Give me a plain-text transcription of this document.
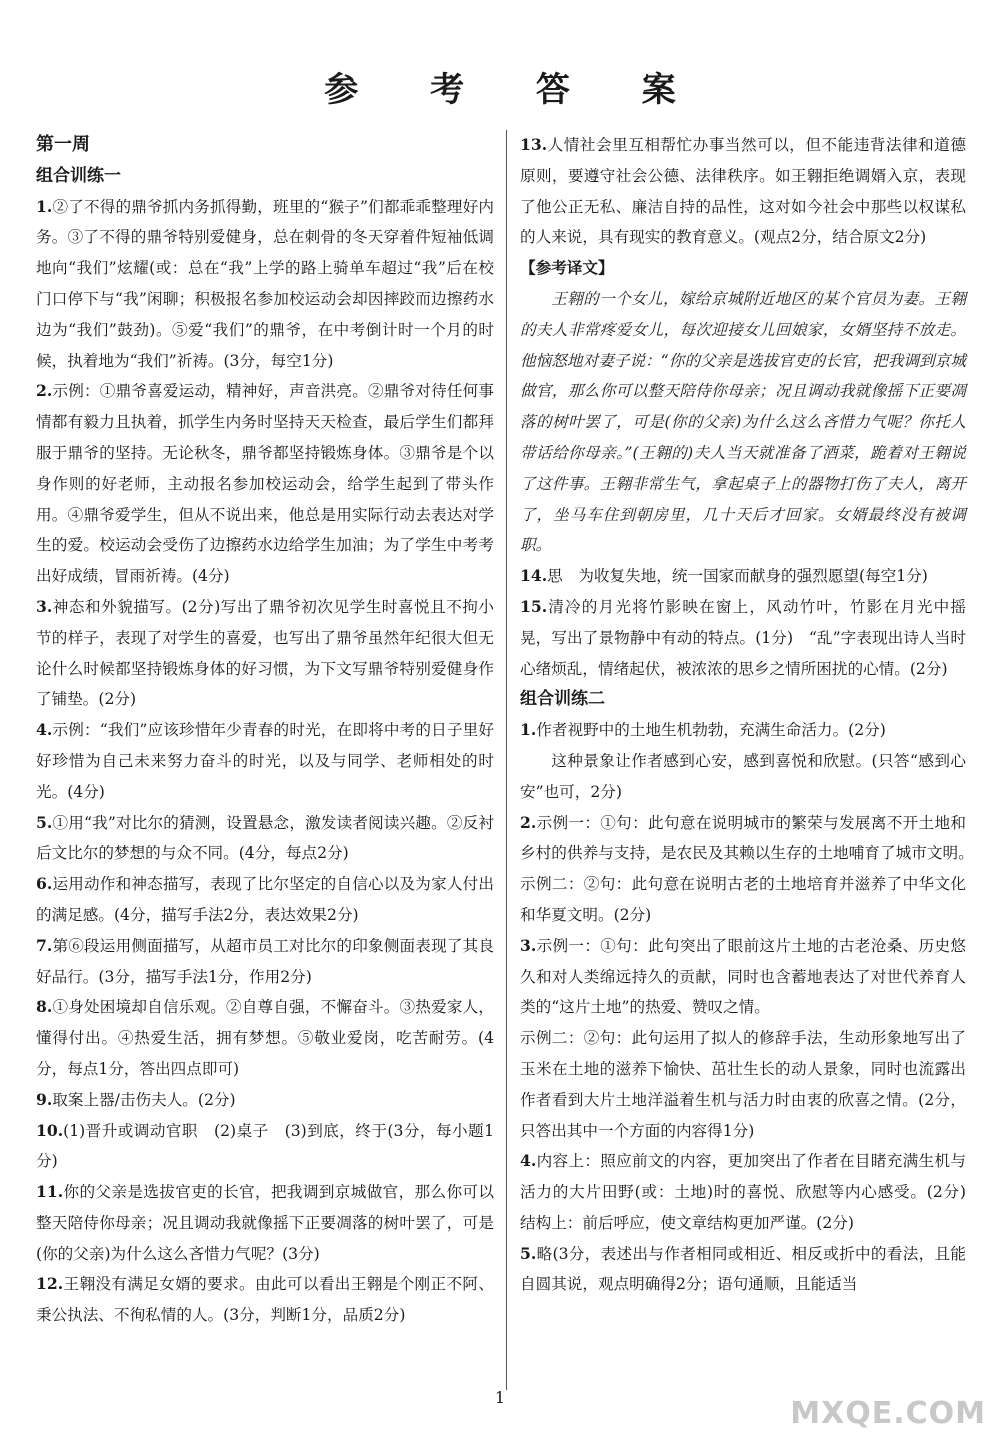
参 考 答 案

第一周

组合训练一

1.②了不得的鼎爷抓内务抓得勤，班里的“猴子”们都乖乖整理好内务。③了不得的鼎爷特别爱健身，总在刺骨的冬天穿着件短袖低调地向“我们”炫耀(或：总在“我”上学的路上骑单车超过“我”后在校门口停下与“我”闲聊；积极报名参加校运动会却因摔跤而边擦药水边为“我们”鼓劲)。⑤爱“我们”的鼎爷，在中考倒计时一个月的时候，执着地为“我们”祈祷。(3分，每空1分)

2.示例：①鼎爷喜爱运动，精神好，声音洪亮。②鼎爷对待任何事情都有毅力且执着，抓学生内务时坚持天天检查，最后学生们都拜服于鼎爷的坚持。无论秋冬，鼎爷都坚持锻炼身体。③鼎爷是个以身作则的好老师，主动报名参加校运动会，给学生起到了带头作用。④鼎爷爱学生，但从不说出来，他总是用实际行动去表达对学生的爱。校运动会受伤了边擦药水边给学生加油；为了学生中考考出好成绩，冒雨祈祷。(4分)

3.神态和外貌描写。(2分)写出了鼎爷初次见学生时喜悦且不拘小节的样子，表现了对学生的喜爱，也写出了鼎爷虽然年纪很大但无论什么时候都坚持锻炼身体的好习惯，为下文写鼎爷特别爱健身作了铺垫。(2分)

4.示例：“我们”应该珍惜年少青春的时光，在即将中考的日子里好好珍惜为自己未来努力奋斗的时光，以及与同学、老师相处的时光。(4分)

5.①用“我”对比尔的猜测，设置悬念，激发读者阅读兴趣。②反衬后文比尔的梦想的与众不同。(4分，每点2分)

6.运用动作和神态描写，表现了比尔坚定的自信心以及为家人付出的满足感。(4分，描写手法2分，表达效果2分)

7.第⑥段运用侧面描写，从超市员工对比尔的印象侧面表现了其良好品行。(3分，描写手法1分，作用2分)

8.①身处困境却自信乐观。②自尊自强，不懈奋斗。③热爱家人，懂得付出。④热爱生活，拥有梦想。⑤敬业爱岗，吃苦耐劳。(4分，每点1分，答出四点即可)

9.取案上器/击伤夫人。(2分)

10.(1)晋升或调动官职　(2)桌子　(3)到底，终于(3分，每小题1分)

11.你的父亲是选拔官吏的长官，把我调到京城做官，那么你可以整天陪侍你母亲；况且调动我就像摇下正要凋落的树叶罢了，可是(你的父亲)为什么这么吝惜力气呢？(3分)

12.王翱没有满足女婿的要求。由此可以看出王翱是个刚正不阿、秉公执法、不徇私情的人。(3分，判断1分，品质2分)

13.人情社会里互相帮忙办事当然可以，但不能违背法律和道德原则，要遵守社会公德、法律秩序。如王翱拒绝调婿入京，表现了他公正无私、廉洁自持的品性，这对如今社会中那些以权谋私的人来说，具有现实的教育意义。(观点2分，结合原文2分)

【参考译文】

王翱的一个女儿，嫁给京城附近地区的某个官员为妻。王翱的夫人非常疼爱女儿，每次迎接女儿回娘家，女婿坚持不放走。他恼怒地对妻子说：“你的父亲是选拔官吏的长官，把我调到京城做官，那么你可以整天陪侍你母亲；况且调动我就像摇下正要凋落的树叶罢了，可是(你的父亲)为什么这么吝惜力气呢？你托人带话给你母亲。”(王翱的)夫人当天就准备了酒菜，跪着对王翱说了这件事。王翱非常生气，拿起桌子上的器物打伤了夫人，离开了，坐马车住到朝房里，几十天后才回家。女婿最终没有被调职。

14.思　为收复失地，统一国家而献身的强烈愿望(每空1分)

15.清冷的月光将竹影映在窗上，风动竹叶，竹影在月光中摇晃，写出了景物静中有动的特点。(1分)　“乱”字表现出诗人当时心绪烦乱，情绪起伏，被浓浓的思乡之情所困扰的心情。(2分)

组合训练二

1.作者视野中的土地生机勃勃，充满生命活力。(2分)

这种景象让作者感到心安，感到喜悦和欣慰。(只答“感到心安”也可，2分)

2.示例一：①句：此句意在说明城市的繁荣与发展离不开土地和乡村的供养与支持，是农民及其赖以生存的土地哺育了城市文明。　示例二：②句：此句意在说明古老的土地培育并滋养了中华文化和华夏文明。(2分)

3.示例一：①句：此句突出了眼前这片土地的古老沧桑、历史悠久和对人类绵远持久的贡献，同时也含蓄地表达了对世代养育人类的“这片土地”的热爱、赞叹之情。

示例二：②句：此句运用了拟人的修辞手法，生动形象地写出了玉米在土地的滋养下愉快、茁壮生长的动人景象，同时也流露出作者看到大片土地洋溢着生机与活力时由衷的欣喜之情。(2分，只答出其中一个方面的内容得1分)

4.内容上：照应前文的内容，更加突出了作者在目睹充满生机与活力的大片田野(或：土地)时的喜悦、欣慰等内心感受。(2分)　结构上：前后呼应，使文章结构更加严谨。(2分)

5.略(3分，表述出与作者相同或相近、相反或折中的看法，且能自圆其说，观点明确得2分；语句通顺，且能适当

1	MXQE.COM
